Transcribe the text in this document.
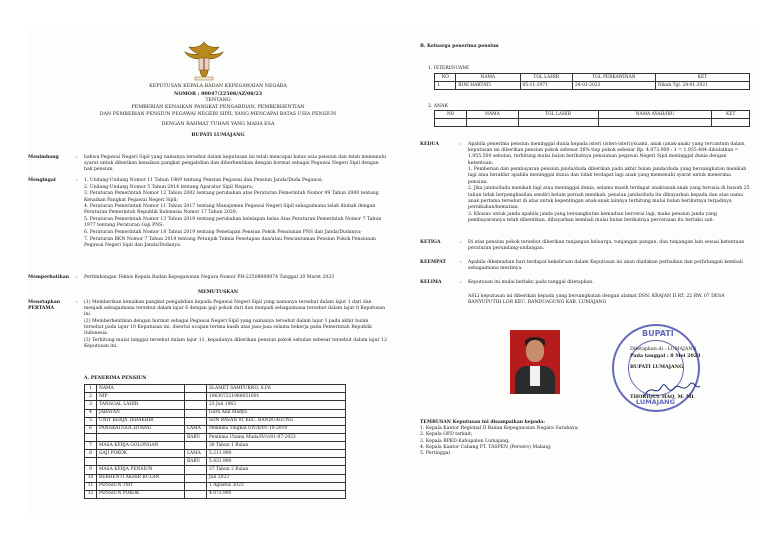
KEPUTUSAN KEPALA BADAN KEPEGAWAIAN NEGARA
NOMOR : 00047/22508/AZ/08/23
TENTANG
PEMBERIAN KENAIKAN PANGKAT PENGABDIAN, PEMBERHENTIAN
DAN PEMBERIAN PENSIUN PEGAWAI NEGERI SIPIL YANG MENCAPAI BATAS USIA PENSIUN
DENGAN RAHMAT TUHAN YANG MAHA ESA
BUPATI LUMAJANG
Menimbang	:	bahwa Pegawai Negeri Sipil yang namanya tersebut dalam keputusan ini telah mencapai batas usia pensiun dan telah memenuhi syarat untuk diberikan kenaikan pangkat pengabdian dan diberhentikan dengan hormat sebagai Pegawai Negeri Sipil dengan hak pensiun.
Mengingat	:	1. Undang-Undang Nomor 11 Tahun 1969 tentang Pensiun Pegawai dan Pensiun Janda/Duda Pegawai;
2. Undang-Undang Nomor 5 Tahun 2014 tentang Aparatur Sipil Negara;
3. Peraturan Pemerintah Nomor 12 Tahun 2002 tentang perubahan atas Peraturan Pemerintah Nomor 99 Tahun 2000 tentang Kenaikan Pangkat Pegawai Negeri Sipil;
4. Peraturan Pemerintah Nomor 11 Tahun 2017 tentang Manajemen Pegawai Negeri Sipil sebagaimana telah diubah dengan Peraturan Pemerintah Republik Indonesia Nomor 17 Tahun 2020;
5. Peraturan Pemerintah Nomor 13 Tahun 2019 tentang perubahan kelelapan belas Atas Peraturan Pemerintah Nomor 7 Tahun 1977 tentang Peraturan Gaji PNS;
6. Peraturan Pemerintah Nomor 18 Tahun 2019 tentang Penetapan Pensiun Pokok Pensiunan PNS dan Janda/Dudanya;
7. Peraturan BKN Nomor 7 Tahun 2019 tentang Petunjuk Teknis Penetapan dan/atau Pencantuman Pensiun Pokok Pensiunan Pegawai Negeri Sipil dan Janda/Dudanya.
Memperhatikan	:	Pertimbangan Teknis Kepala Badan Kepegawaian Negara Nomor PH-22508000074 Tanggal 20 Maret 2023
MEMUTUSKAN
Menetapkan
PERTAMA
:	(1) Memberikan kenaikan pangkat pengabdian kepada Pegawai Negeri Sipil yang namanya tersebut dalam lajur 1 dari dan menjadi sebagaimana tersebut dalam lajur 6 dengan gaji pokok dari dan menjadi sebagaimana tersebut dalam lajur 8 Keputusan ini.
(2) Memberhentikan dengan hormat sebagai Pegawai Negeri Sipil yang namanya tersebut dalam lajur 1 pada akhir bulan tersebut pada lajur 10 Keputusan ini, disertai ucapan terima kasih atas jasa-jasa selama bekerja pada Pemerintah Republik Indonesia.
(3) Terhitung mulai tanggal tersebut dalam lajur 11, kepadanya diberikan pensiun pokok sebulan sebesar tersebut dalam lajur 12 Keputusan ini.
A. PENERIMA PENSIUN
1	NAMA		SLAMET SAMPURNO, S.Pd
2	NIP		196307221986051001
3	TANGGAL LAHIR		23 Juli 1963
4	JABATAN		Guru Ahli Madya
5	UNIT KERJA TERAKHIR		SDN BASAN 01 KEC. RANDUAGUNG
6	PANGKAT/GOL.RUANG	LAMA	Pembina Tingkat I/IV/b/01-10-2019
		BARU	Pembina Utama Muda/IV/c/01-07-2023
7	MASA KERJA GOLONGAN		30 Tahun 1 Bulan
8	GAJI POKOK	LAMA	5.211.900
		BARU	5.431.900
9	MASA KERJA PENSIUN		37 Tahun 2 Bulan
10	BERHENTI AKHIR BULAN		Juli 2023
11	PENSIUN TMT		1 Agustus 2023
12	PENSIUN POKOK		4.073.900
B. Keluarga penerima pensiun
1. ISTERI/SUAMI
NO	NAMA	TGL LAHIR	TGL PERKAWINAN	KET
1	RINI HARTATI	05-11-1971	24-01-2023	Nikah Tgl. 24-01-2021
2. ANAK
NO	NAMA	TGL LAHIR	NAMA AYAH/IBU	KET

KEDUA	:	Apabila penerima pensiun meninggal dunia kepada isteri (isteri-isteri)/suami, anak (anak-anak) yang tercantum dalam keputusan ini diberikan pensiun pokok sebesar 36% tiap pokok sebesar Rp. 4.073.900 : 1 = 1.955.484 dibulatkan = 1.955.500 sebulan, terhitung mulai bulan berikutnya pensiunan pegawai Negeri Sipil meninggal dunia dengan ketentuan:
1. Pemberian dan pembayaran pensiun janda/duda diberikan pada akhir bulan janda/duda yang bersangkutan menikah lagi atau berakhir apabila meninggal dunia dan tidak terdapat lagi anak yang memenuhi syarat untuk menerima pensiun.
2. Jika janda/duda menikah lagi atau meninggal dunia, selama masih terdapat anak/anak-anak yang berusia di bawah 25 tahun tidak berpenghasilan sendiri belum pernah menikah, pensiun janda/duda itu dibayarkan kepada dan atas nama anak pertama tersebut di atas untuk kepentingan anak-anak lainnya terhitung mulai bulan berikutnya terjadinya pernikahan/kematian.
3. Khusus untuk janda apabila janda yang bersangkutan kemudian bercerai lagi, maka pensiun janda yang pembayarannya telah dihentikan, dibayarkan kembali mulai bulan berikutnya perceraian itu berlaku sah.
KETIGA	:	Di atas pensiun pokok tersebut diberikan tunjangan keluarga, tunjangan pangan, dan tunjangan lain sesuai ketentuan peraturan perundang-undangan.
KEEMPAT	:	Apabila dikemudian hari terdapat kekeliruan dalam Keputusan ini akan diadakan perbaikan dan perhitungan kembali sebagaimana mestinya.
KELIMA	:	Keputusan ini mulai berlaku pada tanggal ditetapkan.
ASLI keputusan ini diberikan kepada yang bersangkutan dengan alamat DSN. KRAJAN II RT. 22 RW. 07 DESA BANYUPUTIH LOR KEC. RANDUAGUNG KAB. LUMAJANG
BUPATI
LUMAJANG
Ditetapkan di : LUMAJANG
Pada tanggal : 8 Mei 2023
BUPATI LUMAJANG
THORIQUL HAQ, M. ML
TEMBUSAN Keputusan ini disampaikan kepada:
1. Kepala Kantor Regional II Badan Kepegawaian Negara Surabaya;
2. Kepala OPD terkait;
3. Kepala BPKD Kabupaten Lumajang;
4. Kepala Kantor Cabang PT. TASPEN (Persero) Malang;
5. Pertinggal
